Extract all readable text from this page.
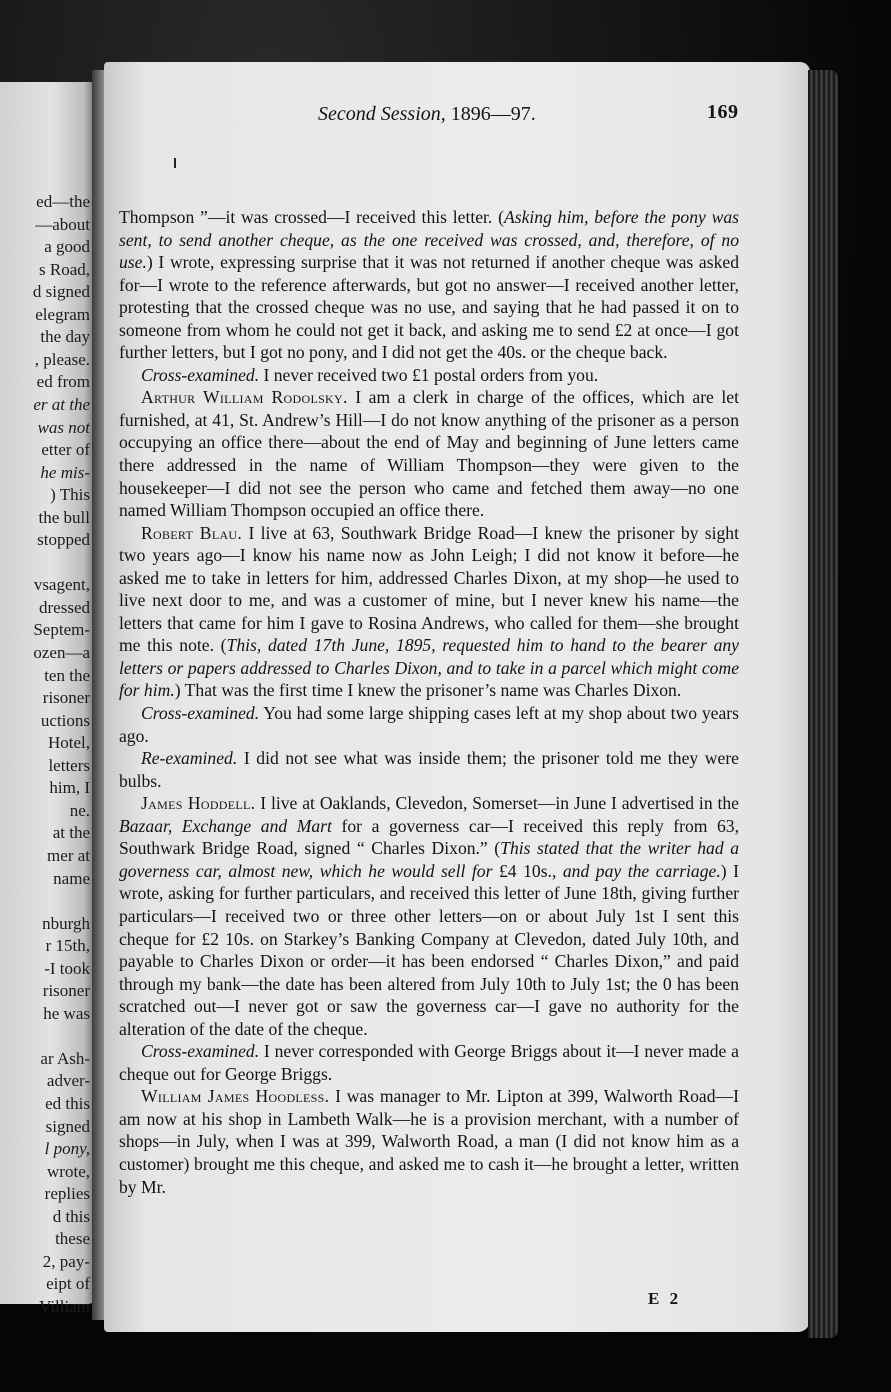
ed—the
—about
a good
s Road,
d signed
elegram
the day
, please.
ed from
er at the
was not
etter of
he mis-
) This
the bull
stopped
vsagent,
dressed
Septem-
ozen—a
ten the
risoner
uctions
Hotel,
letters
him, I
ne.
at the
mer at
name
nburgh
r 15th,
-I took
risoner
he was
ar Ash-
adver-
ed this
signed
l pony,
wrote,
replies
d this
these
2, pay-
eipt of
Villiam
Second Session, 1896—97.	169

Thompson ”—it was crossed—I received this letter. (Asking him, before the pony was sent, to send another cheque, as the one received was crossed, and, therefore, of no use.) I wrote, expressing surprise that it was not returned if another cheque was asked for—I wrote to the reference afterwards, but got no answer—I received another letter, protesting that the crossed cheque was no use, and saying that he had passed it on to someone from whom he could not get it back, and asking me to send £2 at once—I got further letters, but I got no pony, and I did not get the 40s. or the cheque back.

Cross-examined. I never received two £1 postal orders from you.

Arthur William Rodolsky. I am a clerk in charge of the offices, which are let furnished, at 41, St. Andrew’s Hill—I do not know anything of the prisoner as a person occupying an office there—about the end of May and beginning of June letters came there addressed in the name of William Thompson—they were given to the housekeeper—I did not see the person who came and fetched them away—no one named William Thompson occupied an office there.

Robert Blau. I live at 63, Southwark Bridge Road—I knew the prisoner by sight two years ago—I know his name now as John Leigh; I did not know it before—he asked me to take in letters for him, addressed Charles Dixon, at my shop—he used to live next door to me, and was a customer of mine, but I never knew his name—the letters that came for him I gave to Rosina Andrews, who called for them—she brought me this note. (This, dated 17th June, 1895, requested him to hand to the bearer any letters or papers addressed to Charles Dixon, and to take in a parcel which might come for him.) That was the first time I knew the prisoner’s name was Charles Dixon.

Cross-examined. You had some large shipping cases left at my shop about two years ago.

Re-examined. I did not see what was inside them; the prisoner told me they were bulbs.

James Hoddell. I live at Oaklands, Clevedon, Somerset—in June I advertised in the Bazaar, Exchange and Mart for a governess car—I received this reply from 63, Southwark Bridge Road, signed “ Charles Dixon.” (This stated that the writer had a governess car, almost new, which he would sell for £4 10s., and pay the carriage.) I wrote, asking for further particulars, and received this letter of June 18th, giving further particulars—I received two or three other letters—on or about July 1st I sent this cheque for £2 10s. on Starkey’s Banking Company at Clevedon, dated July 10th, and payable to Charles Dixon or order—it has been endorsed “ Charles Dixon,” and paid through my bank—the date has been altered from July 10th to July 1st; the 0 has been scratched out—I never got or saw the governess car—I gave no authority for the alteration of the date of the cheque.

Cross-examined. I never corresponded with George Briggs about it—I never made a cheque out for George Briggs.

William James Hoodless. I was manager to Mr. Lipton at 399, Walworth Road—I am now at his shop in Lambeth Walk—he is a provision merchant, with a number of shops—in July, when I was at 399, Walworth Road, a man (I did not know him as a customer) brought me this cheque, and asked me to cash it—he brought a letter, written by Mr.

E 2
